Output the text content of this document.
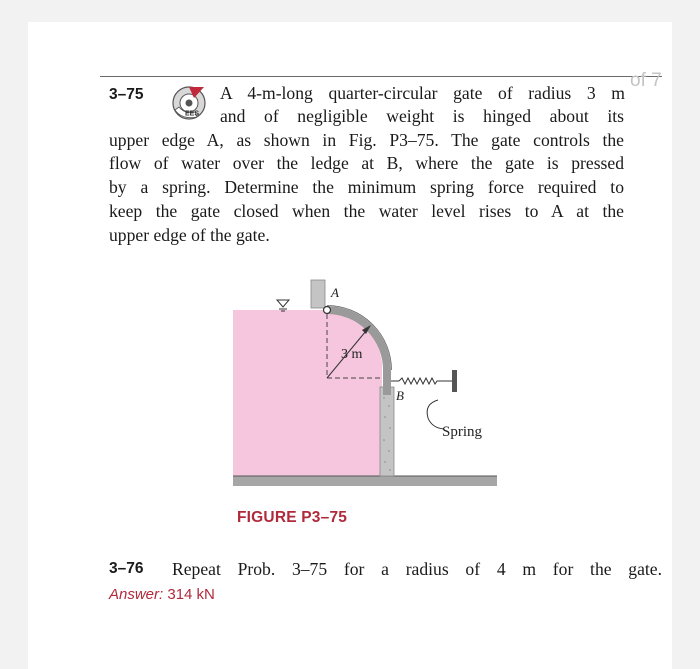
of 7
3–75
EES
A 4-m-long quarter-circular gate of radius 3 m
and of negligible weight is hinged about its
upper edge A, as shown in Fig. P3–75. The gate controls the
flow of water over the ledge at B, where the gate is pressed
by a spring. Determine the minimum spring force required to
keep the gate closed when the water level rises to A at the
upper edge of the gate.
A
3 m
B
Spring
FIGURE P3–75
3–76 Repeat Prob. 3–75 for a radius of 4 m for the gate.
Answer: 314 kN
